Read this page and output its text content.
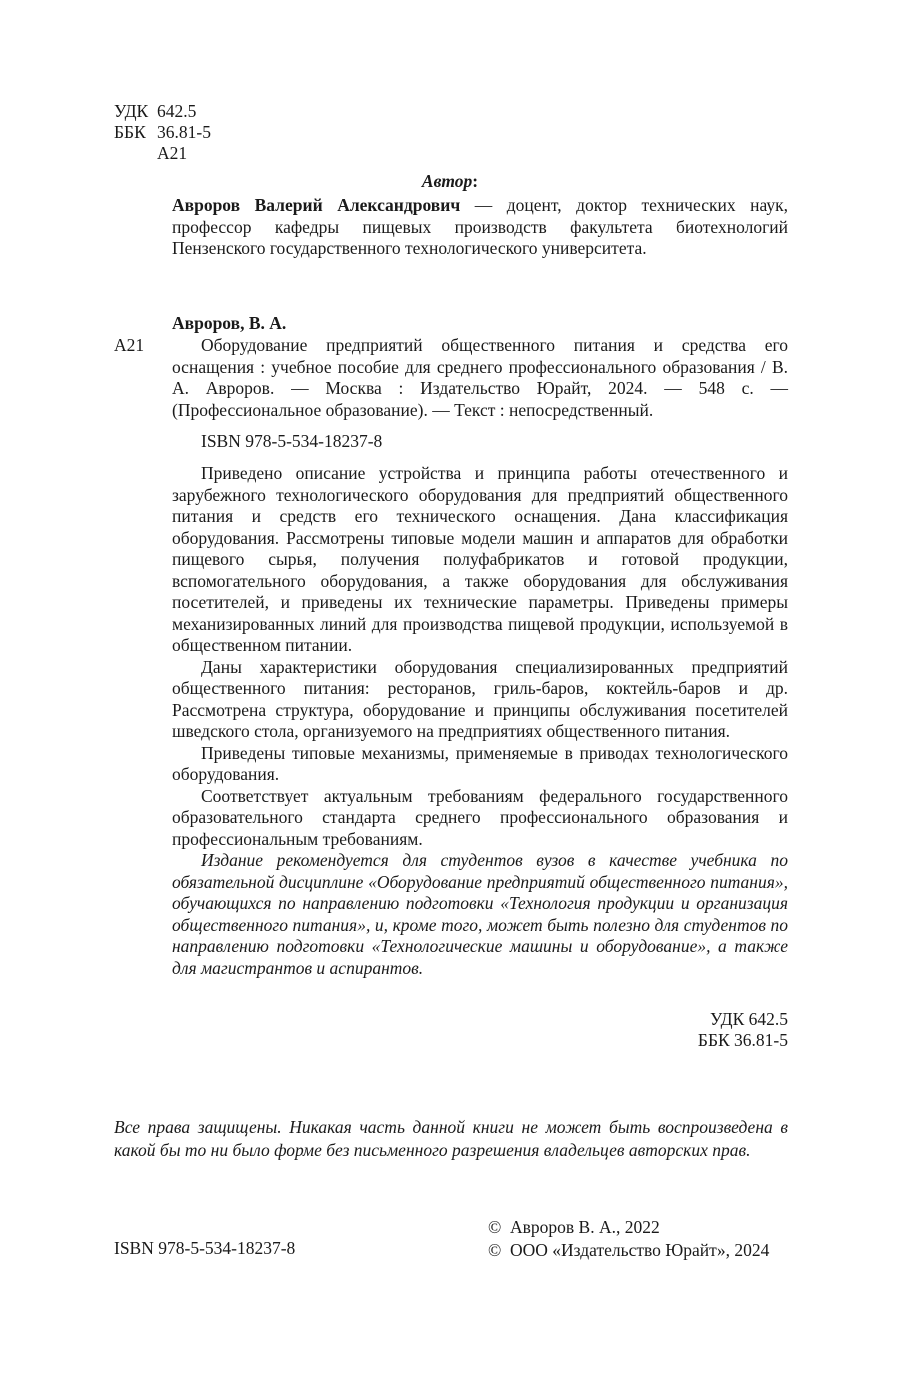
УДК 642.5
ББК 36.81-5
А21
Автор:
Авроров Валерий Александрович — доцент, доктор технических наук, профессор кафедры пищевых производств факультета биотехнологий Пензенского государственного технологического университета.
Авроров, В. А.
А21	Оборудование предприятий общественного питания и средства его оснащения : учебное пособие для среднего профессионального образования / В. А. Авроров. — Москва : Издательство Юрайт, 2024. — 548 с. — (Профессиональное образование). — Текст : непосредственный.
ISBN 978-5-534-18237-8

Приведено описание устройства и принципа работы отечественного и зарубежного технологического оборудования для предприятий общественного питания и средств его технического оснащения. Дана классификация оборудования. Рассмотрены типовые модели машин и аппаратов для обработки пищевого сырья, получения полуфабрикатов и готовой продукции, вспомогательного оборудования, а также оборудования для обслуживания посетителей, и приведены их технические параметры. Приведены примеры механизированных линий для производства пищевой продукции, используемой в общественном питании.

Даны характеристики оборудования специализированных предприятий общественного питания: ресторанов, гриль-баров, коктейль-баров и др. Рассмотрена структура, оборудование и принципы обслуживания посетителей шведского стола, организуемого на предприятиях общественного питания.

Приведены типовые механизмы, применяемые в приводах технологического оборудования.

Соответствует актуальным требованиям федерального государственного образовательного стандарта среднего профессионального образования и профессиональным требованиям.

Издание рекомендуется для студентов вузов в качестве учебника по обязательной дисциплине «Оборудование предприятий общественного питания», обучающихся по направлению подготовки «Технология продукции и организация общественного питания», и, кроме того, может быть полезно для студентов по направлению подготовки «Технологические машины и оборудование», а также для магистрантов и аспирантов.

УДК 642.5
ББК 36.81-5
Все права защищены. Никакая часть данной книги не может быть воспроизведена в какой бы то ни было форме без письменного разрешения владельцев авторских прав.
ISBN 978-5-534-18237-8
© Авроров В. А., 2022
© ООО «Издательство Юрайт», 2024
